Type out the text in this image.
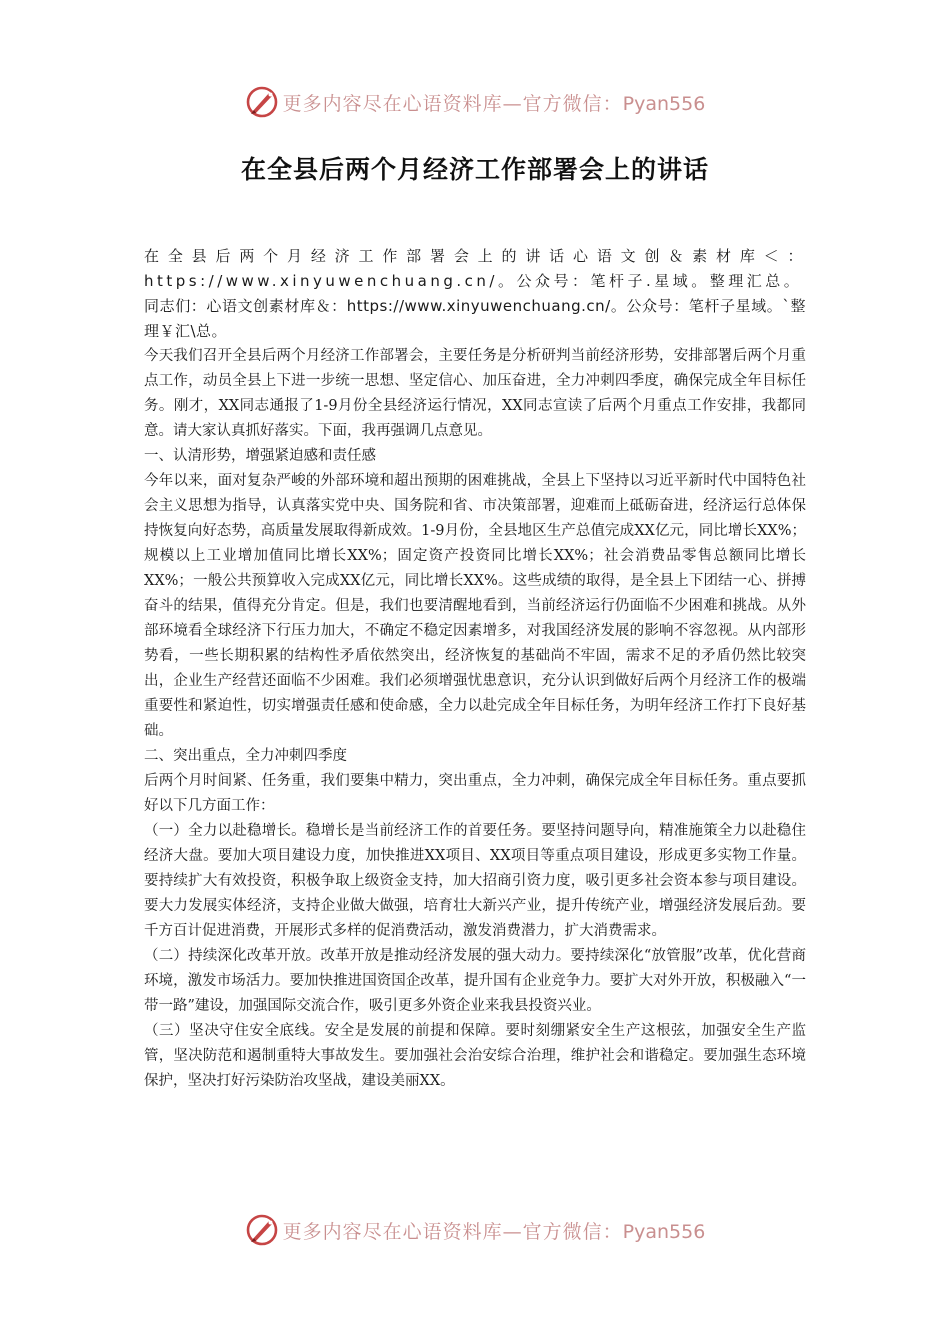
更多内容尽在心语资料库—官方微信：Pyan556
在全县后两个月经济工作部署会上的讲话

在全县后两个月经济工作部署会上的讲话心语文创＆素材库＜：https://www.xinyuwenchuang.cn/。公众号：笔杆子.星域。整理汇总。

同志们：心语文创素材库＆：https://www.xinyuwenchuang.cn/。公众号：笔杆子星域。`整理￥汇\总。

今天我们召开全县后两个月经济工作部署会，主要任务是分析研判当前经济形势，安排部署后两个月重点工作，动员全县上下进一步统一思想、坚定信心、加压奋进，全力冲刺四季度，确保完成全年目标任务。刚才，XX同志通报了1-9月份全县经济运行情况，XX同志宣读了后两个月重点工作安排，我都同意。请大家认真抓好落实。下面，我再强调几点意见。

一、认清形势，增强紧迫感和责任感

今年以来，面对复杂严峻的外部环境和超出预期的困难挑战，全县上下坚持以习近平新时代中国特色社会主义思想为指导，认真落实党中央、国务院和省、市决策部署，迎难而上砥砺奋进，经济运行总体保持恢复向好态势，高质量发展取得新成效。1-9月份，全县地区生产总值完成XX亿元，同比增长XX%；规模以上工业增加值同比增长XX%；固定资产投资同比增长XX%；社会消费品零售总额同比增长XX%；一般公共预算收入完成XX亿元，同比增长XX%。这些成绩的取得，是全县上下团结一心、拼搏奋斗的结果，值得充分肯定。但是，我们也要清醒地看到，当前经济运行仍面临不少困难和挑战。从外部环境看全球经济下行压力加大，不确定不稳定因素增多，对我国经济发展的影响不容忽视。从内部形势看，一些长期积累的结构性矛盾依然突出，经济恢复的基础尚不牢固，需求不足的矛盾仍然比较突出，企业生产经营还面临不少困难。我们必须增强忧患意识，充分认识到做好后两个月经济工作的极端重要性和紧迫性，切实增强责任感和使命感，全力以赴完成全年目标任务，为明年经济工作打下良好基础。

二、突出重点，全力冲刺四季度

后两个月时间紧、任务重，我们要集中精力，突出重点，全力冲刺，确保完成全年目标任务。重点要抓好以下几方面工作：

（一）全力以赴稳增长。稳增长是当前经济工作的首要任务。要坚持问题导向，精准施策全力以赴稳住经济大盘。要加大项目建设力度，加快推进XX项目、XX项目等重点项目建设，形成更多实物工作量。要持续扩大有效投资，积极争取上级资金支持，加大招商引资力度，吸引更多社会资本参与项目建设。要大力发展实体经济，支持企业做大做强，培育壮大新兴产业，提升传统产业，增强经济发展后劲。要千方百计促进消费，开展形式多样的促消费活动，激发消费潜力，扩大消费需求。

（二）持续深化改革开放。改革开放是推动经济发展的强大动力。要持续深化“放管服”改革，优化营商环境，激发市场活力。要加快推进国资国企改革，提升国有企业竞争力。要扩大对外开放，积极融入“一带一路”建设，加强国际交流合作，吸引更多外资企业来我县投资兴业。

（三）坚决守住安全底线。安全是发展的前提和保障。要时刻绷紧安全生产这根弦，加强安全生产监管，坚决防范和遏制重特大事故发生。要加强社会治安综合治理，维护社会和谐稳定。要加强生态环境保护，坚决打好污染防治攻坚战，建设美丽XX。

更多内容尽在心语资料库—官方微信：Pyan556
